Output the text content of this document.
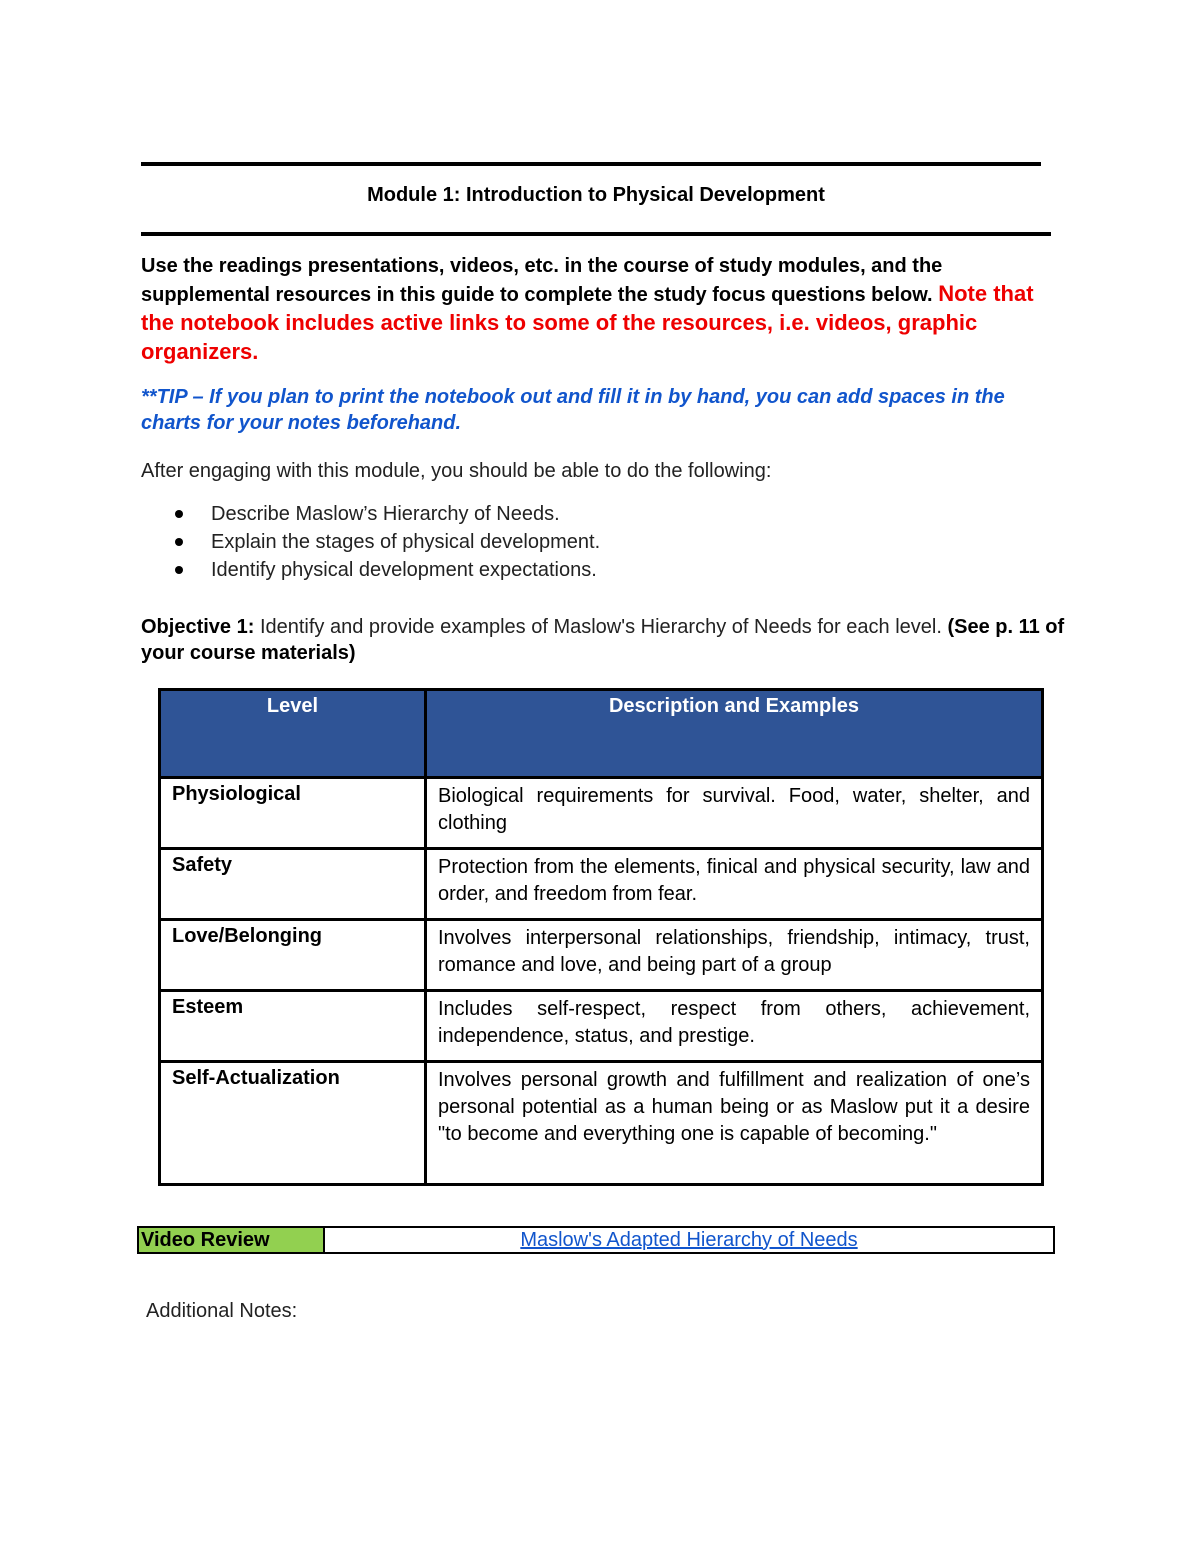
Module 1: Introduction to Physical Development
Use the readings presentations, videos, etc. in the course of study modules, and the supplemental resources in this guide to complete the study focus questions below. Note that the notebook includes active links to some of the resources, i.e. videos, graphic organizers.
**TIP – If you plan to print the notebook out and fill it in by hand, you can add spaces in the charts for your notes beforehand.
After engaging with this module, you should be able to do the following:
Describe Maslow’s Hierarchy of Needs.
Explain the stages of physical development.
Identify physical development expectations.
Objective 1: Identify and provide examples of Maslow's Hierarchy of Needs for each level. (See p. 11 of your course materials)
Level	Description and Examples
Physiological	Biological requirements for survival. Food, water, shelter, and clothing
Safety	Protection from the elements, finical and physical security, law and order, and freedom from fear.
Love/Belonging	Involves interpersonal relationships, friendship, intimacy, trust, romance and love, and being part of a group
Esteem	Includes self-respect, respect from others, achievement, independence, status, and prestige.
Self-Actualization	Involves personal growth and fulfillment and realization of one’s personal potential as a human being or as Maslow put it a desire "to become and everything one is capable of becoming."
Video Review	Maslow's Adapted Hierarchy of Needs
Additional Notes:
